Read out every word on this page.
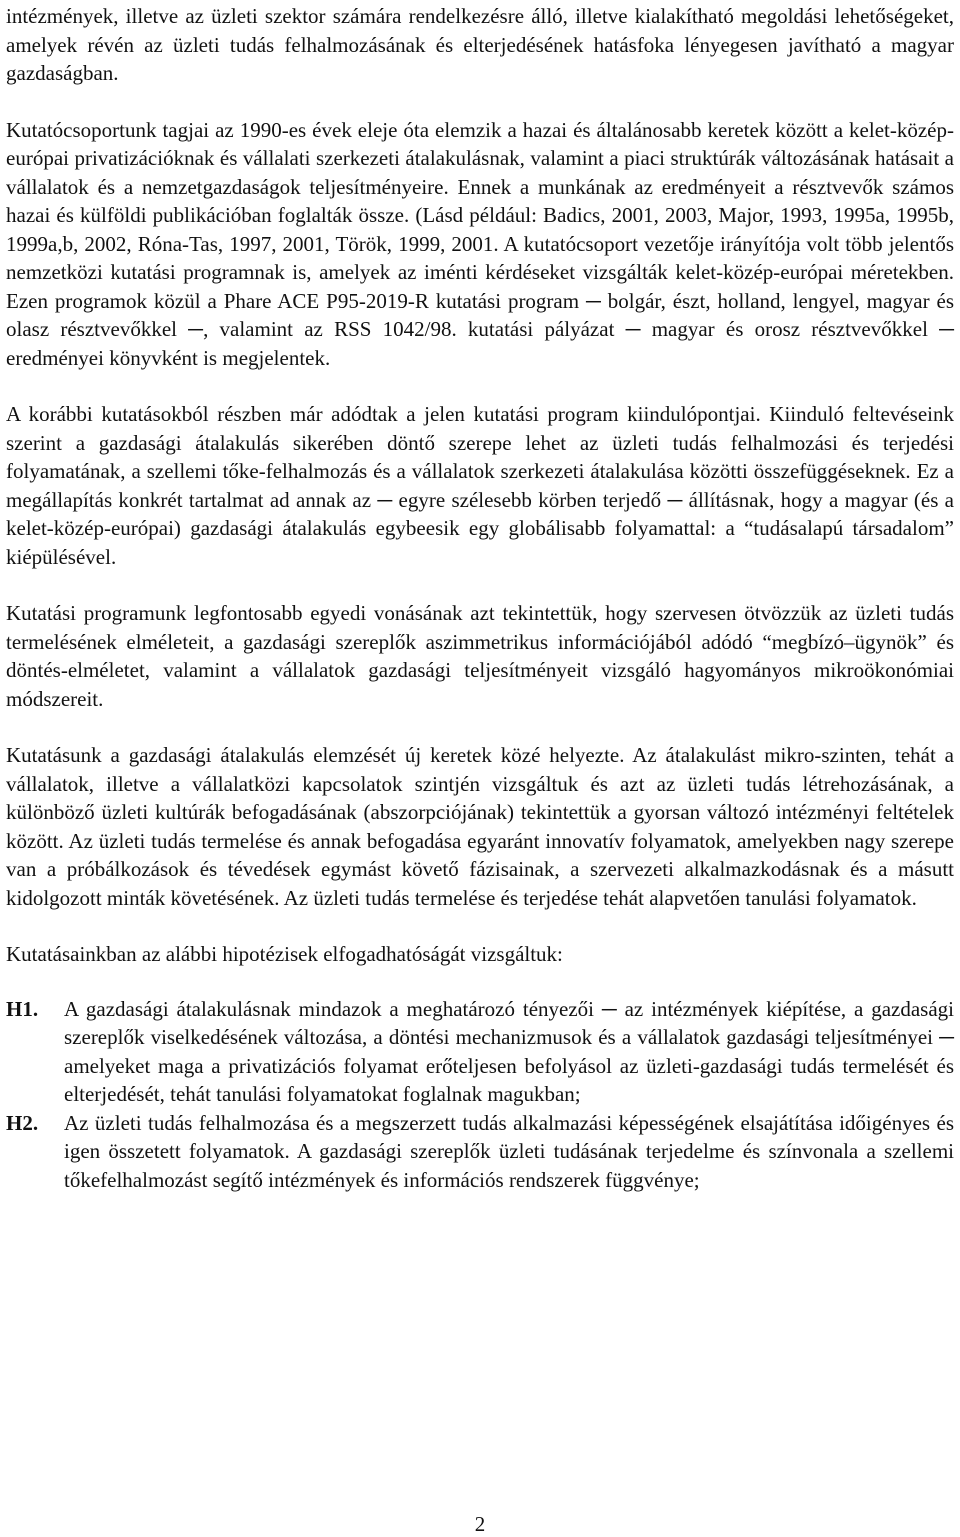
intézmények, illetve az üzleti szektor számára rendelkezésre álló, illetve kialakítható megoldási lehetőségeket, amelyek révén az üzleti tudás felhalmozásának és elterjedésének hatásfoka lényegesen javítható a magyar gazdaságban.

Kutatócsoportunk tagjai az 1990-es évek eleje óta elemzik a hazai és általánosabb keretek között a kelet-közép-európai privatizációknak és vállalati szerkezeti átalakulásnak, valamint a piaci struktúrák változásának hatásait a vállalatok és a nemzetgazdaságok teljesítményeire. Ennek a munkának az eredményeit a résztvevők számos hazai és külföldi publikációban foglalták össze. (Lásd például: Badics, 2001, 2003, Major, 1993, 1995a, 1995b, 1999a,b, 2002, Róna-Tas, 1997, 2001, Török, 1999, 2001. A kutatócsoport vezetője irányítója volt több jelentős nemzetközi kutatási programnak is, amelyek az iménti kérdéseket vizsgálták kelet-közép-európai méretekben. Ezen programok közül a Phare ACE P95-2019-R kutatási program ─ bolgár, észt, holland, lengyel, magyar és olasz résztvevőkkel ─, valamint az RSS 1042/98. kutatási pályázat ─ magyar és orosz résztvevőkkel ─ eredményei könyvként is megjelentek.

A korábbi kutatásokból részben már adódtak a jelen kutatási program kiindulópontjai. Kiinduló feltevéseink szerint a gazdasági átalakulás sikerében döntő szerepe lehet az üzleti tudás felhalmozási és terjedési folyamatának, a szellemi tőke-felhalmozás és a vállalatok szerkezeti átalakulása közötti összefüggéseknek. Ez a megállapítás konkrét tartalmat ad annak az ─ egyre szélesebb körben terjedő ─ állításnak, hogy a magyar (és a kelet-közép-európai) gazdasági átalakulás egybeesik egy globálisabb folyamattal: a “tudásalapú társadalom” kiépülésével.

Kutatási programunk legfontosabb egyedi vonásának azt tekintettük, hogy szervesen ötvözzük az üzleti tudás termelésének elméleteit, a gazdasági szereplők aszimmetrikus információjából adódó “megbízó–ügynök” és döntés-elméletet, valamint a vállalatok gazdasági teljesítményeit vizsgáló hagyományos mikroökonómiai módszereit.

Kutatásunk a gazdasági átalakulás elemzését új keretek közé helyezte. Az átalakulást mikro-szinten, tehát a vállalatok, illetve a vállalatközi kapcsolatok szintjén vizsgáltuk és azt az üzleti tudás létrehozásának, a különböző üzleti kultúrák befogadásának (abszorpciójának) tekintettük a gyorsan változó intézményi feltételek között. Az üzleti tudás termelése és annak befogadása egyaránt innovatív folyamatok, amelyekben nagy szerepe van a próbálkozások és tévedések egymást követő fázisainak, a szervezeti alkalmazkodásnak és a másutt kidolgozott minták követésének. Az üzleti tudás termelése és terjedése tehát alapvetően tanulási folyamatok.

Kutatásainkban az alábbi hipotézisek elfogadhatóságát vizsgáltuk:

H1.	A gazdasági átalakulásnak mindazok a meghatározó tényezői ─ az intézmények kiépítése, a gazdasági szereplők viselkedésének változása, a döntési mechanizmusok és a vállalatok gazdasági teljesítményei ─ amelyeket maga a privatizációs folyamat erőteljesen befolyásol az üzleti-gazdasági tudás termelését és elterjedését, tehát tanulási folyamatokat foglalnak magukban;
H2.	Az üzleti tudás felhalmozása és a megszerzett tudás alkalmazási képességének elsajátítása időigényes és igen összetett folyamatok. A gazdasági szereplők üzleti tudásának terjedelme és színvonala a szellemi tőkefelhalmozást segítő intézmények és információs rendszerek függvénye;
2
